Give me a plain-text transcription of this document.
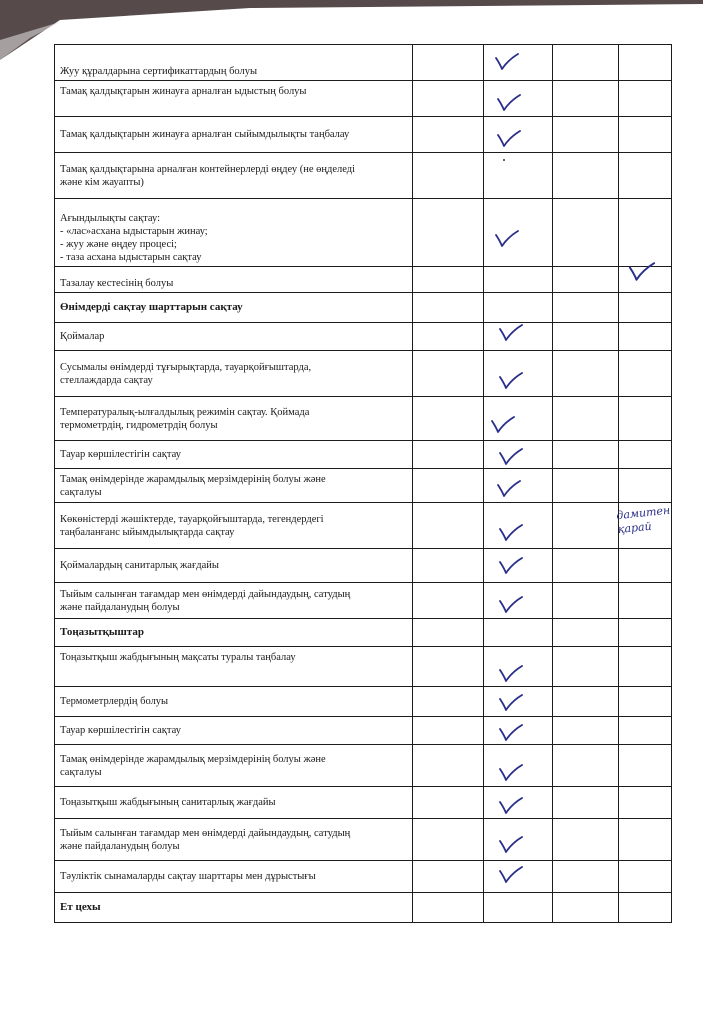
Жуу құралдарына сертификаттардың болуы

Тамақ қалдықтарын жинауға арналған ыдыстың болуы

Тамақ қалдықтарын жинауға арналған сыйымдылықты таңбалау

Тамақ қалдықтарына арналған контейнерлерді өңдеу (не өңделеді
және кім жауапты)				

Ағындылықты сақтау:
- «лас»асхана ыдыстарын жинау;
- жуу және өңдеу процесі;
- таза асхана ыдыстарын сақтау

Тазалау кестесінің болуы

Өнімдерді сақтау шарттарын сақтау				

Қоймалар

Сусымалы өнімдерді тұғырықтарда, тауарқойғыштарда,
стеллаждарда сақтау

Температуралық-ылғалдылық режимін сақтау. Қоймада
термометрдің, гидрометрдің болуы

Тауар көршілестігін сақтау

Тамақ өнімдерінде жарамдылық мерзімдерінің болуы және
сақталуы

Көкөністерді жәшіктерде, тауарқойғыштарда, тегендердегі
таңбаланғанс ыйымдылықтарда сақтау

Қоймалардың санитарлық жағдайы

Тыйым салынған тағамдар мен өнімдерді дайындаудың, сатудың
және пайдаланудың болуы

Тоңазытқыштар				

Тоңазытқыш жабдығының мақсаты туралы таңбалау

Термометрлердің болуы

Тауар көршілестігін сақтау

Тамақ өнімдерінде жарамдылық мерзімдерінің болуы және
сақталуы

Тоңазытқыш жабдығының санитарлық жағдайы

Тыйым салынған тағамдар мен өнімдерді дайындаудың, сатудың
және пайдаланудың болуы

Тәуліктік сынамаларды сақтау шарттары мен дұрыстығы

Ет цехы				

дамитен
қарай
